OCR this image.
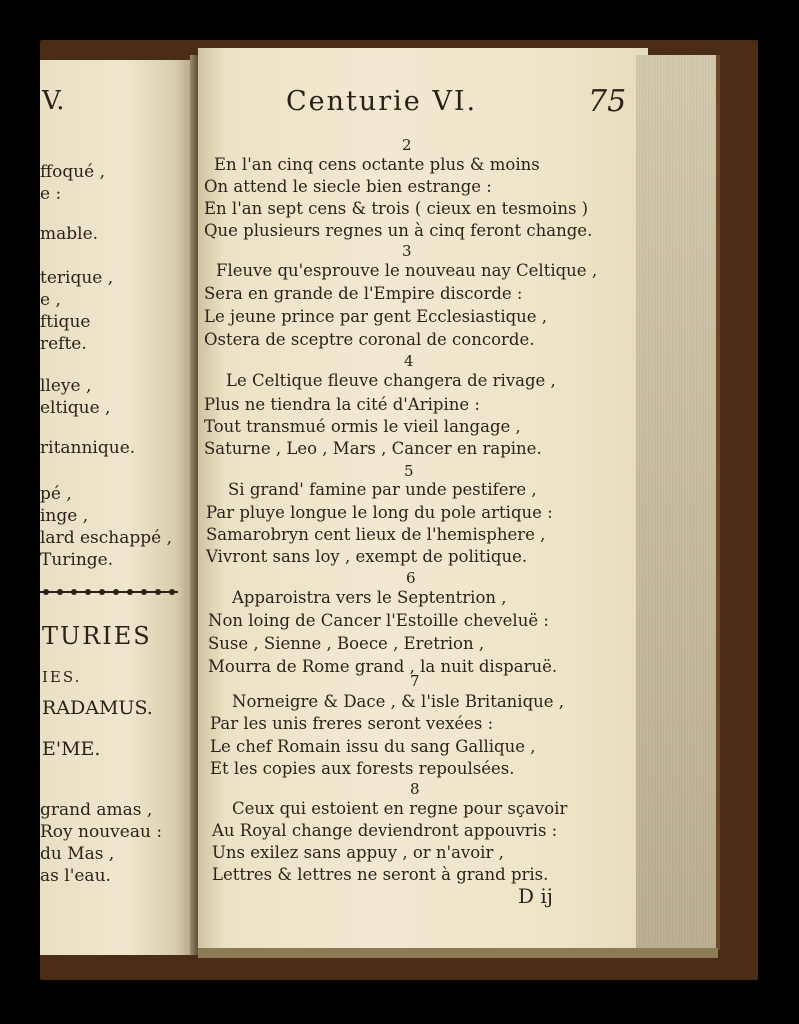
V.
ffoqué ,
e :
mable.
terique ,
e ,
ftique
refte.
lleye ,
eltique ,
ritannique.
pé ,
inge ,
lard eschappé ,
Turinge.
TURIES
IES.
RADAMUS.
E'ME.
grand amas ,
Roy nouveau :
du Mas ,
as l'eau.
Centurie VI.	75
2
En l'an cinq cens octante plus & moins
On attend le siecle bien estrange :
En l'an sept cens & trois ( cieux en tesmoins )
Que plusieurs regnes un à cinq feront change.
3
Fleuve qu'esprouve le nouveau nay Celtique ,
Sera en grande de l'Empire discorde :
Le jeune prince par gent Ecclesiastique ,
Ostera de sceptre coronal de concorde.
4
Le Celtique fleuve changera de rivage ,
Plus ne tiendra la cité d'Aripine :
Tout transmué ormis le vieil langage ,
Saturne , Leo , Mars , Cancer en rapine.
5
Si grand' famine par unde pestifere ,
Par pluye longue le long du pole artique :
Samarobryn cent lieux de l'hemisphere ,
Vivront sans loy , exempt de politique.
6
Apparoistra vers le Septentrion ,
Non loing de Cancer l'Estoille cheveluë :
Suse , Sienne , Boece , Eretrion ,
Mourra de Rome grand , la nuit disparuë.
7
Norneigre & Dace , & l'isle Britanique ,
Par les unis freres seront vexées :
Le chef Romain issu du sang Gallique ,
Et les copies aux forests repoulsées.
8
Ceux qui estoient en regne pour sçavoir
Au Royal change deviendront appouvris :
Uns exilez sans appuy , or n'avoir ,
Lettres & lettres ne seront à grand pris.
D ij
